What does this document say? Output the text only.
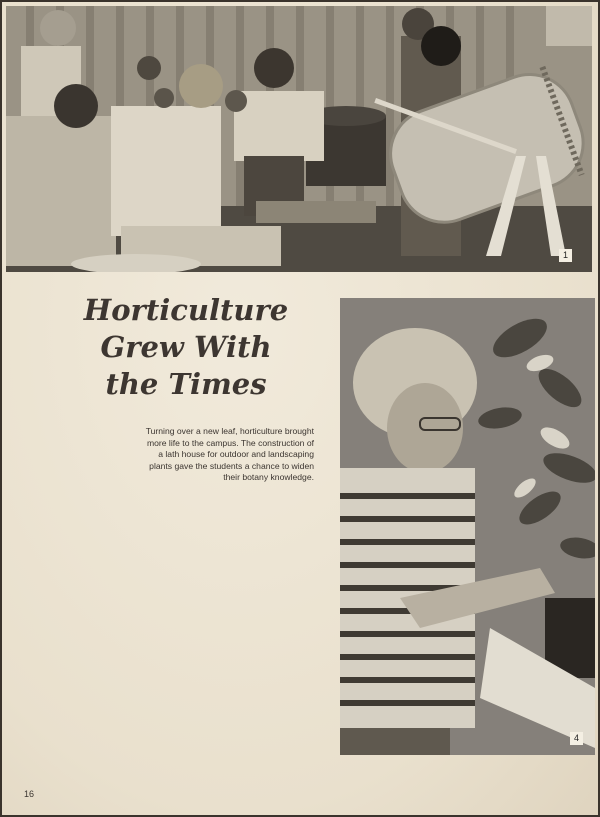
1
Horticulture
Grew With
the Times

Turning over a new leaf, horticulture brought more life to the campus. The construction of a lath house for outdoor and landscaping plants gave the students a chance to widen their botany knowledge.

4
16
